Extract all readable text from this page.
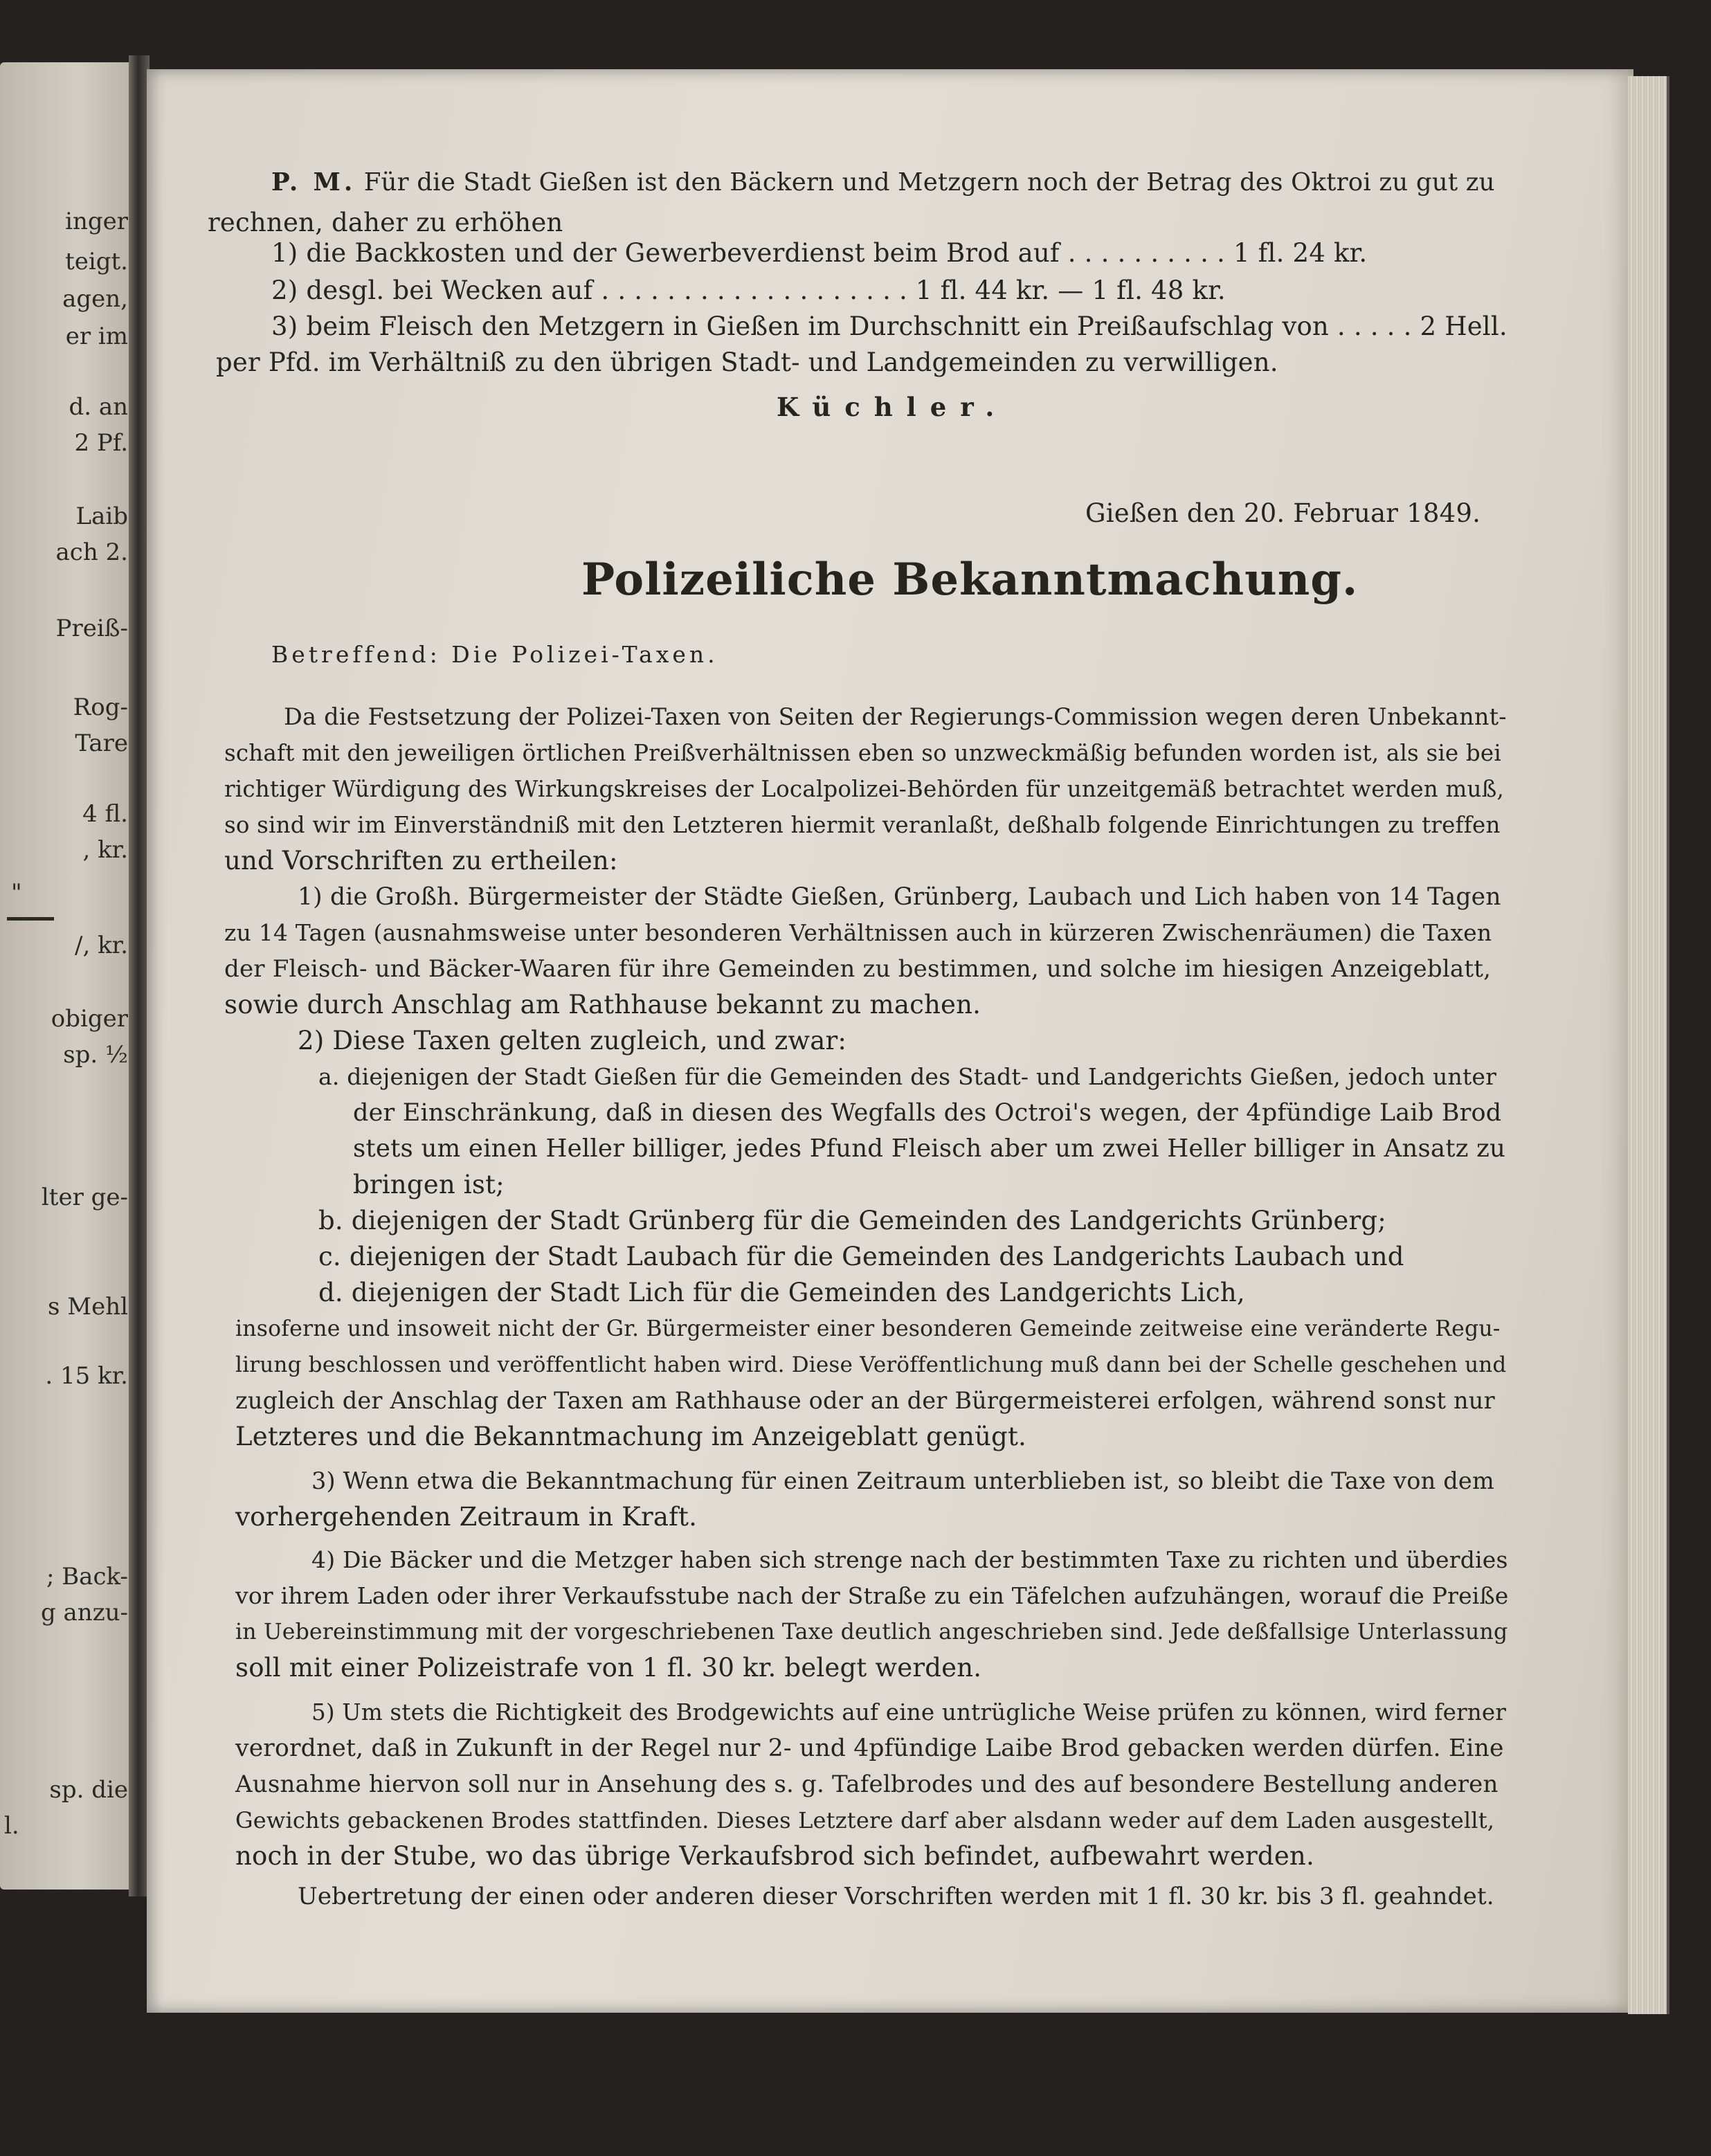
inger
teigt.
agen,
er im
d. an
2 Pf.
Laib
ach 2.
Preiß-
Rog-
Tare
4 fl.
, kr.
"
/, kr.
obiger
sp. ½
lter ge-
s Mehl
. 15 kr.
; Back-
g anzu-
sp. die
l.
P. M. Für die Stadt Gießen ist den Bäckern und Metzgern noch der Betrag des Oktroi zu gut zu
rechnen, daher zu erhöhen
1) die Backkosten und der Gewerbeverdienst beim Brod auf . . . . . . . . . . 1 fl. 24 kr.
2) desgl. bei Wecken auf . . . . . . . . . . . . . . . . . . . 1 fl. 44 kr. — 1 fl. 48 kr.
3) beim Fleisch den Metzgern in Gießen im Durchschnitt ein Preißaufschlag von . . . . . 2 Hell.
per Pfd. im Verhältniß zu den übrigen Stadt- und Landgemeinden zu verwilligen.
Küchler.
Gießen den 20. Februar 1849.
Polizeiliche Bekanntmachung.
Betreffend: Die Polizei-Taxen.
Da die Festsetzung der Polizei-Taxen von Seiten der Regierungs-Commission wegen deren Unbekannt-
schaft mit den jeweiligen örtlichen Preißverhältnissen eben so unzweckmäßig befunden worden ist, als sie bei
richtiger Würdigung des Wirkungskreises der Localpolizei-Behörden für unzeitgemäß betrachtet werden muß,
so sind wir im Einverständniß mit den Letzteren hiermit veranlaßt, deßhalb folgende Einrichtungen zu treffen
und Vorschriften zu ertheilen:
1) die Großh. Bürgermeister der Städte Gießen, Grünberg, Laubach und Lich haben von 14 Tagen
zu 14 Tagen (ausnahmsweise unter besonderen Verhältnissen auch in kürzeren Zwischenräumen) die Taxen
der Fleisch- und Bäcker-Waaren für ihre Gemeinden zu bestimmen, und solche im hiesigen Anzeigeblatt,
sowie durch Anschlag am Rathhause bekannt zu machen.
2) Diese Taxen gelten zugleich, und zwar:
a. diejenigen der Stadt Gießen für die Gemeinden des Stadt- und Landgerichts Gießen, jedoch unter
der Einschränkung, daß in diesen des Wegfalls des Octroi's wegen, der 4pfündige Laib Brod
stets um einen Heller billiger, jedes Pfund Fleisch aber um zwei Heller billiger in Ansatz zu
bringen ist;
b. diejenigen der Stadt Grünberg für die Gemeinden des Landgerichts Grünberg;
c. diejenigen der Stadt Laubach für die Gemeinden des Landgerichts Laubach und
d. diejenigen der Stadt Lich für die Gemeinden des Landgerichts Lich,
insoferne und insoweit nicht der Gr. Bürgermeister einer besonderen Gemeinde zeitweise eine veränderte Regu-
lirung beschlossen und veröffentlicht haben wird. Diese Veröffentlichung muß dann bei der Schelle geschehen und
zugleich der Anschlag der Taxen am Rathhause oder an der Bürgermeisterei erfolgen, während sonst nur
Letzteres und die Bekanntmachung im Anzeigeblatt genügt.
3) Wenn etwa die Bekanntmachung für einen Zeitraum unterblieben ist, so bleibt die Taxe von dem
vorhergehenden Zeitraum in Kraft.
4) Die Bäcker und die Metzger haben sich strenge nach der bestimmten Taxe zu richten und überdies
vor ihrem Laden oder ihrer Verkaufsstube nach der Straße zu ein Täfelchen aufzuhängen, worauf die Preiße
in Uebereinstimmung mit der vorgeschriebenen Taxe deutlich angeschrieben sind. Jede deßfallsige Unterlassung
soll mit einer Polizeistrafe von 1 fl. 30 kr. belegt werden.
5) Um stets die Richtigkeit des Brodgewichts auf eine untrügliche Weise prüfen zu können, wird ferner
verordnet, daß in Zukunft in der Regel nur 2- und 4pfündige Laibe Brod gebacken werden dürfen. Eine
Ausnahme hiervon soll nur in Ansehung des s. g. Tafelbrodes und des auf besondere Bestellung anderen
Gewichts gebackenen Brodes stattfinden. Dieses Letztere darf aber alsdann weder auf dem Laden ausgestellt,
noch in der Stube, wo das übrige Verkaufsbrod sich befindet, aufbewahrt werden.
Uebertretung der einen oder anderen dieser Vorschriften werden mit 1 fl. 30 kr. bis 3 fl. geahndet.
